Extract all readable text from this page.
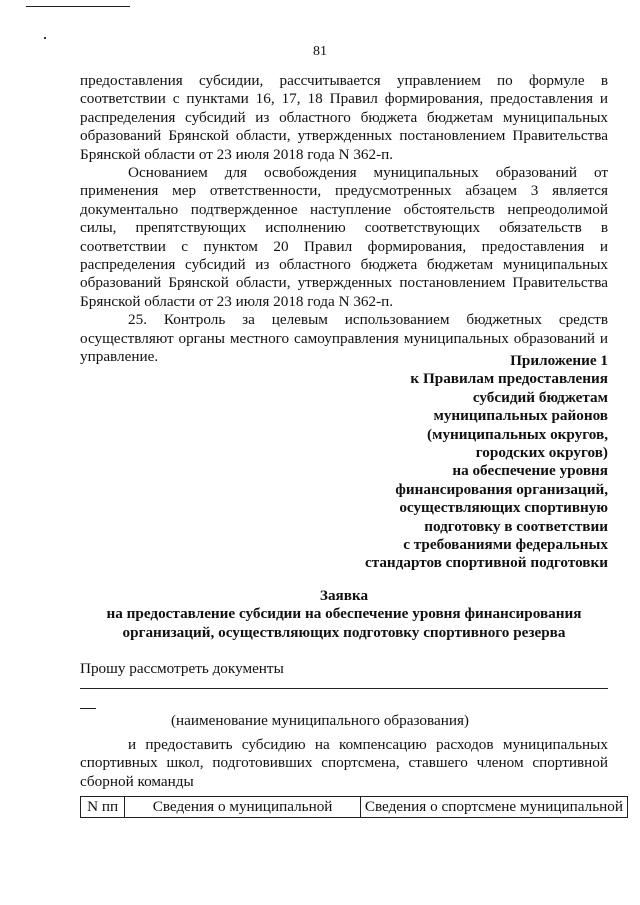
81

предоставления субсидии, рассчитывается управлением по формуле в соответствии с пунктами 16, 17, 18 Правил формирования, предоставления и распределения субсидий из областного бюджета бюджетам муниципальных образований Брянской области, утвержденных постановлением Правительства Брянской области от 23 июля 2018 года N 362-п.

Основанием для освобождения муниципальных образований от применения мер ответственности, предусмотренных абзацем 3 является документально подтвержденное наступление обстоятельств непреодолимой силы, препятствующих исполнению соответствующих обязательств в соответствии с пунктом 20 Правил формирования, предоставления и распределения субсидий из областного бюджета бюджетам муниципальных образований Брянской области, утвержденных постановлением Правительства Брянской области от 23 июля 2018 года N 362-п.

25. Контроль за целевым использованием бюджетных средств осуществляют органы местного самоуправления муниципальных образований и управление.	Приложение 1
к Правилам предоставления
субсидий бюджетам
муниципальных районов
(муниципальных округов,
городских округов)
на обеспечение уровня
финансирования организаций,
осуществляющих спортивную
подготовку в соответствии
с требованиями федеральных
стандартов спортивной подготовки
Заявка
на предоставление субсидии на обеспечение уровня финансирования
организаций, осуществляющих подготовку спортивного резерва
Прошу рассмотреть документы
(наименование муниципального образования)

и предоставить субсидию на компенсацию расходов муниципальных спортивных школ, подготовивших спортсмена, ставшего членом спортивной сборной команды

N пп	Сведения о муниципальной	Сведения о спортсмене муниципальной
